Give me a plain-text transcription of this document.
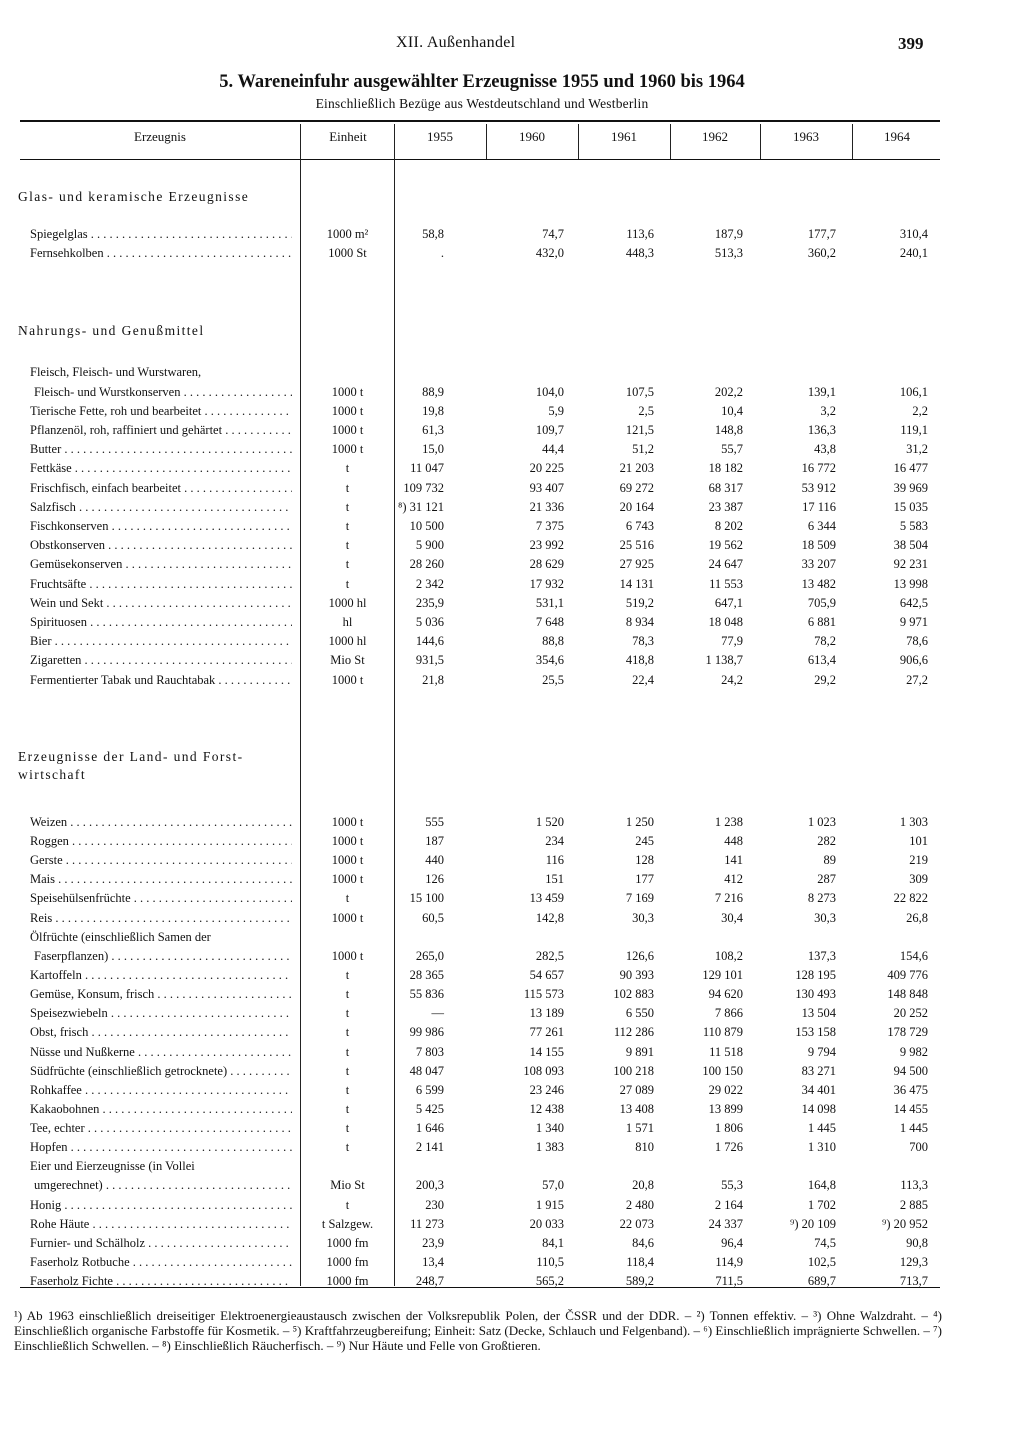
XII. Außenhandel	399
5. Wareneinfuhr ausgewählter Erzeugnisse 1955 und 1960 bis 1964
Einschließlich Bezüge aus Westdeutschland und Westberlin
Erzeugnis	Einheit	1955	1960	1961	1962	1963	1964
Glas- und keramische Erzeugnisse
Spiegelglas . . .	1000 m²	58,8	74,7	113,6	187,9	177,7	310,4
Fernsehkolben . . .	1000 St	.	432,0	448,3	513,3	360,2	240,1
Nahrungs- und Genußmittel
Fleisch, Fleisch- und Wurstwaren,
Fleisch- und Wurstkonserven . . .	1000 t	88,9	104,0	107,5	202,2	139,1	106,1
Tierische Fette, roh und bearbeitet . . .	1000 t	19,8	5,9	2,5	10,4	3,2	2,2
Pflanzenöl, roh, raffiniert und gehärtet . . .	1000 t	61,3	109,7	121,5	148,8	136,3	119,1
Butter . . .	1000 t	15,0	44,4	51,2	55,7	43,8	31,2
Fettkäse . . .	t	11 047	20 225	21 203	18 182	16 772	16 477
Frischfisch, einfach bearbeitet . . .	t	109 732	93 407	69 272	68 317	53 912	39 969
Salzfisch . . .	t	⁸) 31 121	21 336	20 164	23 387	17 116	15 035
Fischkonserven . . .	t	10 500	7 375	6 743	8 202	6 344	5 583
Obstkonserven . . .	t	5 900	23 992	25 516	19 562	18 509	38 504
Gemüsekonserven . . .	t	28 260	28 629	27 925	24 647	33 207	92 231
Fruchtsäfte . . .	t	2 342	17 932	14 131	11 553	13 482	13 998
Wein und Sekt . . .	1000 hl	235,9	531,1	519,2	647,1	705,9	642,5
Spirituosen . . .	hl	5 036	7 648	8 934	18 048	6 881	9 971
Bier . . .	1000 hl	144,6	88,8	78,3	77,9	78,2	78,6
Zigaretten . . .	Mio St	931,5	354,6	418,8	1 138,7	613,4	906,6
Fermentierter Tabak und Rauchtabak . . .	1000 t	21,8	25,5	22,4	24,2	29,2	27,2
Erzeugnisse der Land- und Forst-
wirtschaft
Weizen . . .	1000 t	555	1 520	1 250	1 238	1 023	1 303
Roggen . . .	1000 t	187	234	245	448	282	101
Gerste . . .	1000 t	440	116	128	141	89	219
Mais . . .	1000 t	126	151	177	412	287	309
Speisehülsenfrüchte . . .	t	15 100	13 459	7 169	7 216	8 273	22 822
Reis . . .	1000 t	60,5	142,8	30,3	30,4	30,3	26,8
Ölfrüchte (einschließlich Samen der
Faserpflanzen) . . .	1000 t	265,0	282,5	126,6	108,2	137,3	154,6
Kartoffeln . . .	t	28 365	54 657	90 393	129 101	128 195	409 776
Gemüse, Konsum, frisch . . .	t	55 836	115 573	102 883	94 620	130 493	148 848
Speisezwiebeln . . .	t	—	13 189	6 550	7 866	13 504	20 252
Obst, frisch . . .	t	99 986	77 261	112 286	110 879	153 158	178 729
Nüsse und Nußkerne . . .	t	7 803	14 155	9 891	11 518	9 794	9 982
Südfrüchte (einschließlich getrocknete) . . .	t	48 047	108 093	100 218	100 150	83 271	94 500
Rohkaffee . . .	t	6 599	23 246	27 089	29 022	34 401	36 475
Kakaobohnen . . .	t	5 425	12 438	13 408	13 899	14 098	14 455
Tee, echter . . .	t	1 646	1 340	1 571	1 806	1 445	1 445
Hopfen . . .	t	2 141	1 383	810	1 726	1 310	700
Eier und Eierzeugnisse (in Vollei
umgerechnet) . . .	Mio St	200,3	57,0	20,8	55,3	164,8	113,3
Honig . . .	t	230	1 915	2 480	2 164	1 702	2 885
Rohe Häute . . .	t Salzgew.	11 273	20 033	22 073	24 337	⁹) 20 109	⁹) 20 952
Furnier- und Schälholz . . .	1000 fm	23,9	84,1	84,6	96,4	74,5	90,8
Faserholz Rotbuche . . .	1000 fm	13,4	110,5	118,4	114,9	102,5	129,3
Faserholz Fichte . . .	1000 fm	248,7	565,2	589,2	711,5	689,7	713,7
¹) Ab 1963 einschließlich dreiseitiger Elektroenergieaustausch zwischen der Volksrepublik Polen, der ČSSR und der DDR. – ²) Tonnen effektiv. – ³) Ohne Walzdraht. – ⁴) Einschließlich organische Farbstoffe für Kosmetik. – ⁵) Kraftfahrzeugbereifung; Einheit: Satz (Decke, Schlauch und Felgenband). – ⁶) Einschließlich imprägnierte Schwellen. – ⁷) Einschließlich Schwellen. – ⁸) Einschließlich Räucherfisch. – ⁹) Nur Häute und Felle von Großtieren.
